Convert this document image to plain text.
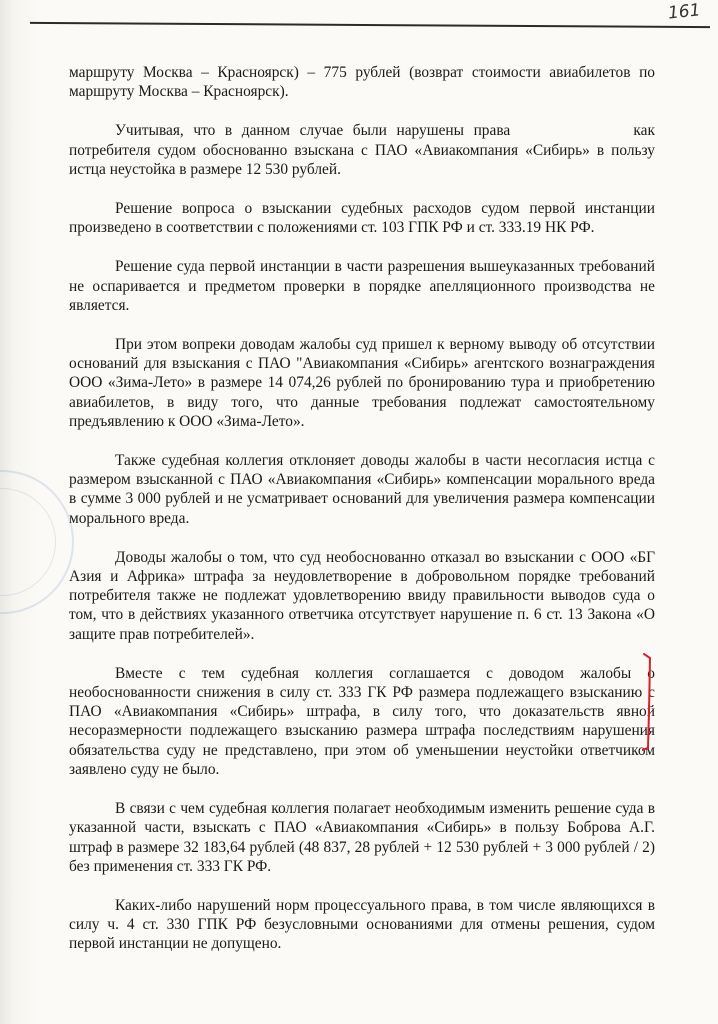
161

маршруту Москва – Красноярск) – 775 рублей (возврат стоимости авиабилетов по маршруту Москва – Красноярск).

Учитывая, что в данном случае были нарушены права	как потребителя судом обоснованно взыскана с ПАО «Авиакомпания «Сибирь» в пользу истца неустойка в размере 12 530 рублей.

Решение вопроса о взыскании судебных расходов судом первой инстанции произведено в соответствии с положениями ст. 103 ГПК РФ и ст. 333.19 НК РФ.

Решение суда первой инстанции в части разрешения вышеуказанных требований не оспаривается и предметом проверки в порядке апелляционного производства не является.

При этом вопреки доводам жалобы суд пришел к верному выводу об отсутствии оснований для взыскания с ПАО "Авиакомпания «Сибирь» агентского вознаграждения ООО «Зима-Лето» в размере 14 074,26 рублей по бронированию тура и приобретению авиабилетов, в виду того, что данные требования подлежат самостоятельному предъявлению к ООО «Зима-Лето».

Также судебная коллегия отклоняет доводы жалобы в части несогласия истца с размером взысканной с ПАО «Авиакомпания «Сибирь» компенсации морального вреда в сумме 3 000 рублей и не усматривает оснований для увеличения размера компенсации морального вреда.

Доводы жалобы о том, что суд необоснованно отказал во взыскании с ООО «БГ Азия и Африка» штрафа за неудовлетворение в добровольном порядке требований потребителя также не подлежат удовлетворению ввиду правильности выводов суда о том, что в действиях указанного ответчика отсутствует нарушение п. 6 ст. 13 Закона «О защите прав потребителей».

Вместе с тем судебная коллегия соглашается с доводом жалобы о необоснованности снижения в силу ст. 333 ГК РФ размера подлежащего взысканию с ПАО «Авиакомпания «Сибирь» штрафа, в силу того, что доказательств явной несоразмерности подлежащего взысканию размера штрафа последствиям нарушения обязательства суду не представлено, при этом об уменьшении неустойки ответчиком заявлено суду не было.

В связи с чем судебная коллегия полагает необходимым изменить решение суда в указанной части, взыскать с ПАО «Авиакомпания «Сибирь» в пользу Боброва А.Г. штраф в размере 32 183,64 рублей (48 837, 28 рублей + 12 530 рублей + 3 000 рублей / 2) без применения ст. 333 ГК РФ.

Каких-либо нарушений норм процессуального права, в том числе являющихся в силу ч. 4 ст. 330 ГПК РФ безусловными основаниями для отмены решения, судом первой инстанции не допущено.
